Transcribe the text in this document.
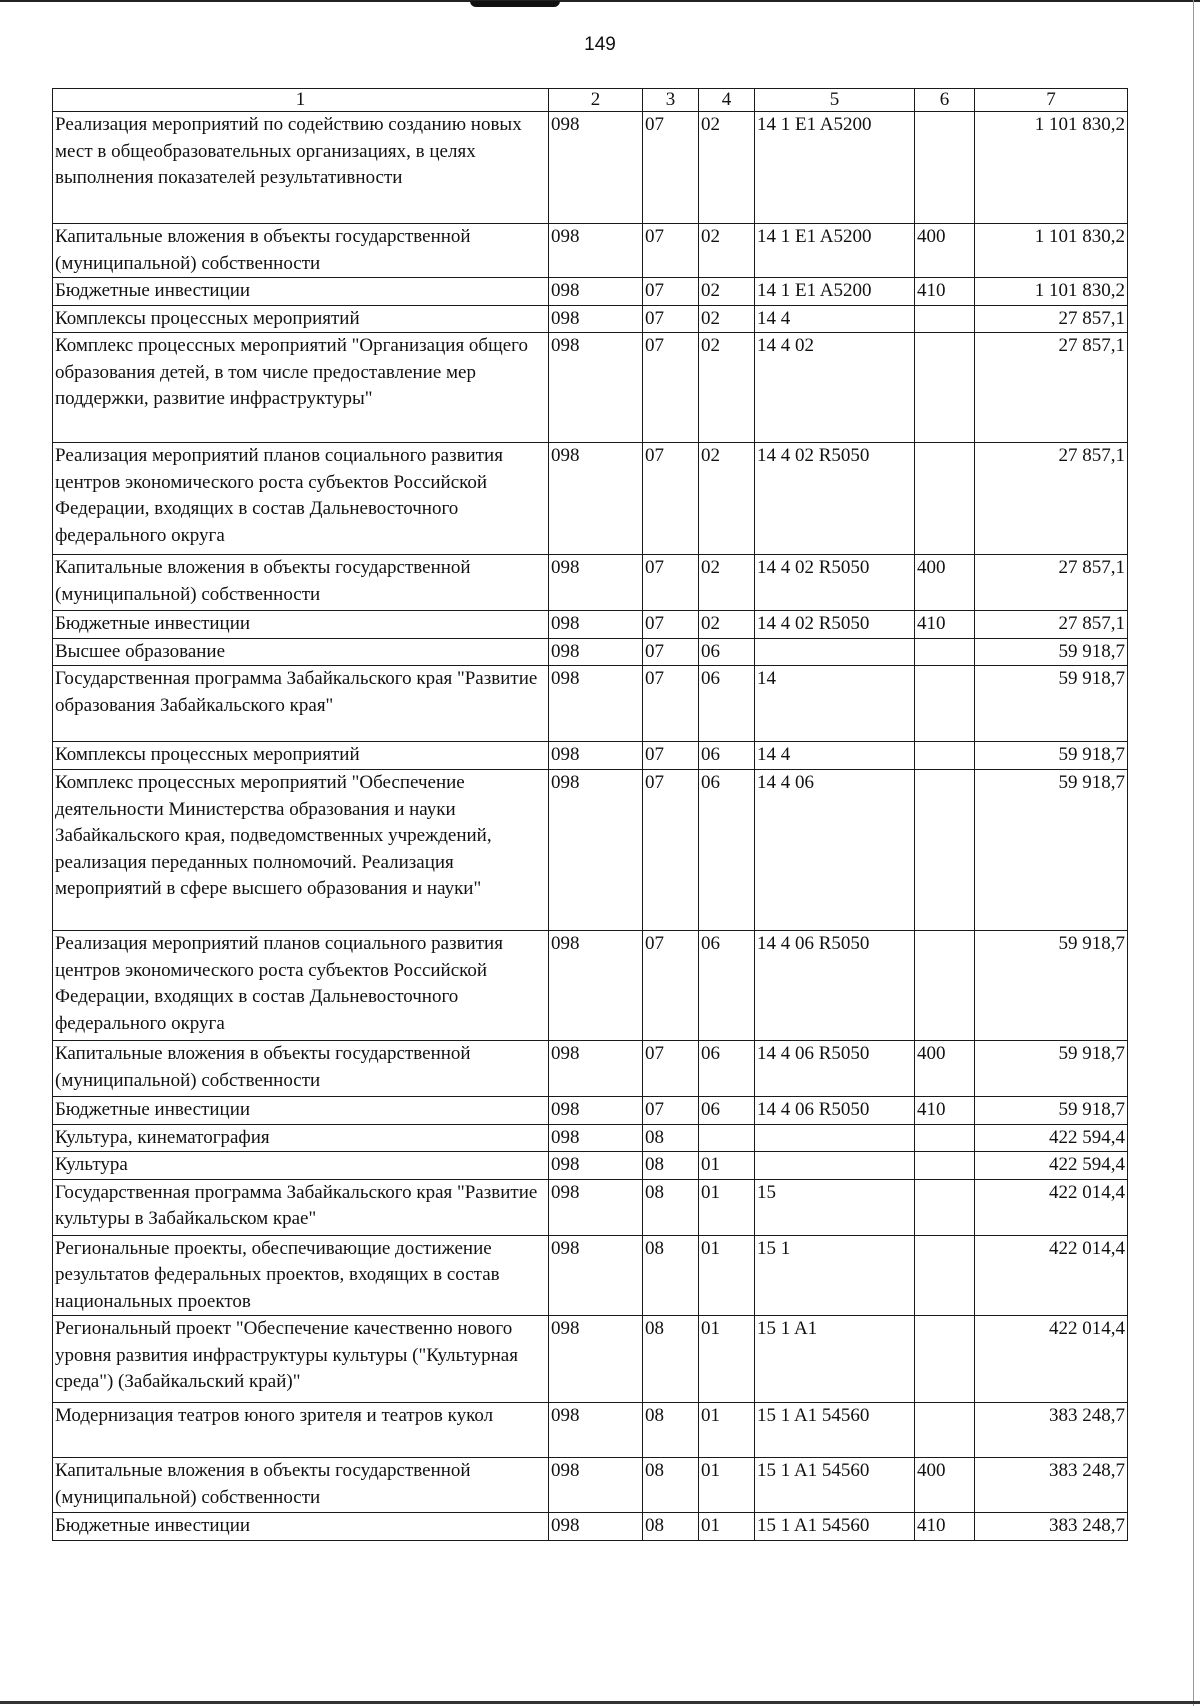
149
1	2	3	4	5	6	7
Реализация мероприятий по содействию созданию новых мест в общеобразовательных организациях, в целях выполнения показателей результативности	098	07	02	14 1 E1 A5200		1 101 830,2
Капитальные вложения в объекты государственной (муниципальной) собственности	098	07	02	14 1 E1 A5200	400	1 101 830,2
Бюджетные инвестиции	098	07	02	14 1 E1 A5200	410	1 101 830,2
Комплексы процессных мероприятий	098	07	02	14 4		27 857,1
Комплекс процессных мероприятий "Организация общего образования детей, в том числе предоставление мер поддержки, развитие инфраструктуры"	098	07	02	14 4 02		27 857,1
Реализация мероприятий планов социального развития центров экономического роста субъектов Российской Федерации, входящих в состав Дальневосточного федерального округа	098	07	02	14 4 02 R5050		27 857,1
Капитальные вложения в объекты государственной (муниципальной) собственности	098	07	02	14 4 02 R5050	400	27 857,1
Бюджетные инвестиции	098	07	02	14 4 02 R5050	410	27 857,1
Высшее образование	098	07	06			59 918,7
Государственная программа Забайкальского края "Развитие образования Забайкальского края"	098	07	06	14		59 918,7
Комплексы процессных мероприятий	098	07	06	14 4		59 918,7
Комплекс процессных мероприятий "Обеспечение деятельности Министерства образования и науки Забайкальского края, подведомственных учреждений, реализация переданных полномочий. Реализация мероприятий в сфере высшего образования и науки"	098	07	06	14 4 06		59 918,7
Реализация мероприятий планов социального развития центров экономического роста субъектов Российской Федерации, входящих в состав Дальневосточного федерального округа	098	07	06	14 4 06 R5050		59 918,7
Капитальные вложения в объекты государственной (муниципальной) собственности	098	07	06	14 4 06 R5050	400	59 918,7
Бюджетные инвестиции	098	07	06	14 4 06 R5050	410	59 918,7
Культура, кинематография	098	08				422 594,4
Культура	098	08	01			422 594,4
Государственная программа Забайкальского края "Развитие культуры в Забайкальском крае"	098	08	01	15		422 014,4
Региональные проекты, обеспечивающие достижение результатов федеральных проектов, входящих в состав национальных проектов	098	08	01	15 1		422 014,4
Региональный проект "Обеспечение качественно нового уровня развития инфраструктуры культуры ("Культурная среда") (Забайкальский край)"	098	08	01	15 1 A1		422 014,4
Модернизация театров юного зрителя и театров кукол	098	08	01	15 1 A1 54560		383 248,7
Капитальные вложения в объекты государственной (муниципальной) собственности	098	08	01	15 1 A1 54560	400	383 248,7
Бюджетные инвестиции	098	08	01	15 1 A1 54560	410	383 248,7
